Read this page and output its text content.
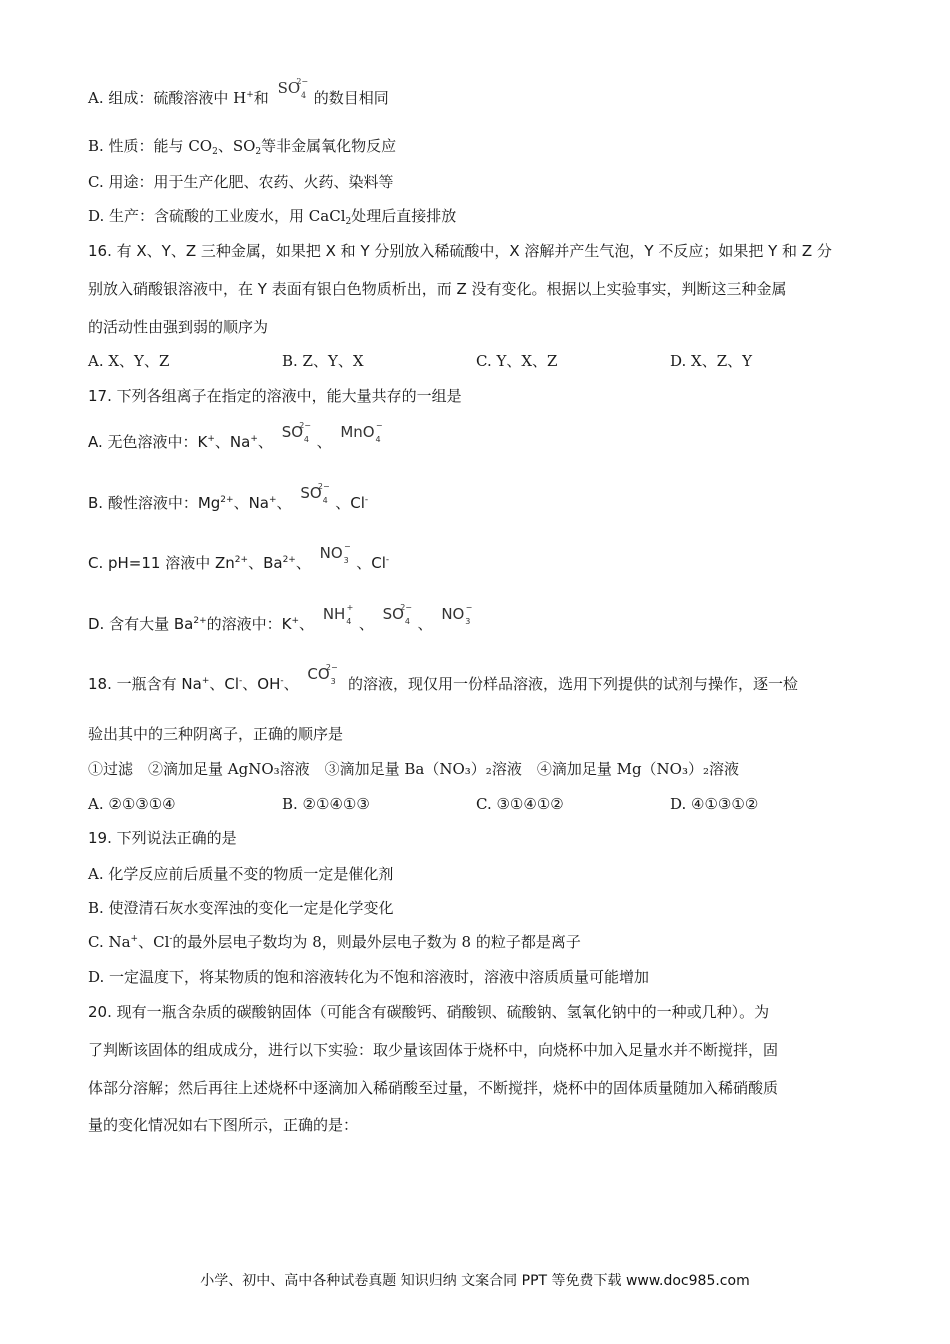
A. 组成：硫酸溶液中 H+和 SO
2−
4 的数目相同
B. 性质：能与 $CO_2$、$SO_2$等非金属氧化物反应
C. 用途：用于生产化肥、农药、火药、染料等
D. 生产：含硫酸的工业废水，用 CaCl$_2$处理后直接排放
16. 有 X、Y、Z 三种金属，如果把 X 和 Y 分别放入稀硫酸中，X 溶解并产生气泡，Y 不反应；如果把 Y 和 Z 分
别放入硝酸银溶液中，在 Y 表面有银白色物质析出，而 Z 没有变化。根据以上实验事实，判断这三种金属
的活动性由强到弱的顺序为
A. X、Y、Z	B. Z、Y、X	C. Y、X、Z	D. X、Z、Y
17. 下列各组离子在指定的溶液中，能大量共存的一组是
A. 无色溶液中：K+、Na+、 SO
2−
4 、 MnO −
4
B. 酸性溶液中：$Mg^{2+}$、Na+、 SO
2−
4 、Cl-
C. pH=11 溶液中 $Zn^{2+}$、$Ba^{2+}$、 NO −
3 、Cl-
D. 含有大量 $Ba^{2+}$的溶液中：K+、 NH +
4 、 SO
2−
4 、 NO −
3
18. 一瓶含有 Na+、Cl-、OH-、 CO
2−
3 的溶液，现仅用一份样品溶液，选用下列提供的试剂与操作，逐一检
验出其中的三种阴离子，正确的顺序是
①过滤　②滴加足量 AgNO₃溶液　③滴加足量 Ba（NO₃）₂溶液　④滴加足量 Mg（NO₃）₂溶液
A. ②①③①④	B. ②①④①③	C. ③①④①②	D. ④①③①②
19. 下列说法正确的是
A. 化学反应前后质量不变的物质一定是催化剂
B. 使澄清石灰水变浑浊的变化一定是化学变化
C. Na+、Cl-的最外层电子数均为 8，则最外层电子数为 8 的粒子都是离子
D. 一定温度下，将某物质的饱和溶液转化为不饱和溶液时，溶液中溶质质量可能增加
20. 现有一瓶含杂质的碳酸钠固体（可能含有碳酸钙、硝酸钡、硫酸钠、氢氧化钠中的一种或几种）。为
了判断该固体的组成成分，进行以下实验：取少量该固体于烧杯中，向烧杯中加入足量水并不断搅拌，固
体部分溶解；然后再往上述烧杯中逐滴加入稀硝酸至过量，不断搅拌，烧杯中的固体质量随加入稀硝酸质
量的变化情况如右下图所示，正确的是：
小学、初中、高中各种试卷真题 知识归纳 文案合同 PPT 等免费下载 www.doc985.com
